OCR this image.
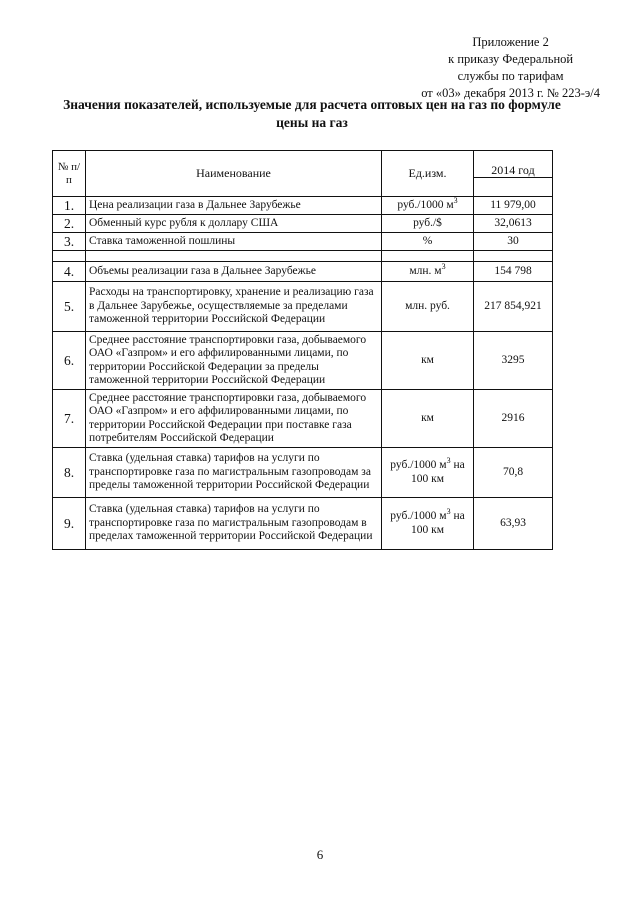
Приложение 2
к приказу Федеральной
службы по тарифам
от «03» декабря 2013 г. № 223-э/4
Значения показателей, используемые для расчета оптовых цен на газ по формуле цены на газ
№ п/п	Наименование	Ед.изм.	2014 год

1.	Цена реализации газа в Дальнее Зарубежье	руб./1000 $м^3$	11 979,00
2.	Обменный курс рубля к доллару США	руб./$	32,0613
3.	Ставка таможенной пошлины	%	30

4.	Объемы реализации газа в Дальнее Зарубежье	млн. $м^3$	154 798
5.	Расходы на транспортировку, хранение и реализацию газа в Дальнее Зарубежье, осуществляемые за пределами таможенной территории Российской Федерации	млн. руб.	217 854,921
6.	Среднее расстояние транспортировки газа, добываемого ОАО «Газпром» и его аффилированными лицами, по территории Российской Федерации за пределы таможенной территории Российской Федерации	км	3295
7.	Среднее расстояние транспортировки газа, добываемого ОАО «Газпром» и его аффилированными лицами, по территории Российской Федерации при поставке газа потребителям Российской Федерации	км	2916
8.	Ставка (удельная ставка) тарифов на услуги по транспортировке газа по магистральным газопроводам за пределы таможенной территории Российской Федерации	руб./1000 $м^3$ на 100 км	70,8
9.	Ставка (удельная ставка) тарифов на услуги по транспортировке газа по магистральным газопроводам в пределах таможенной территории Российской Федерации	руб./1000 $м^3$ на 100 км	63,93
6
